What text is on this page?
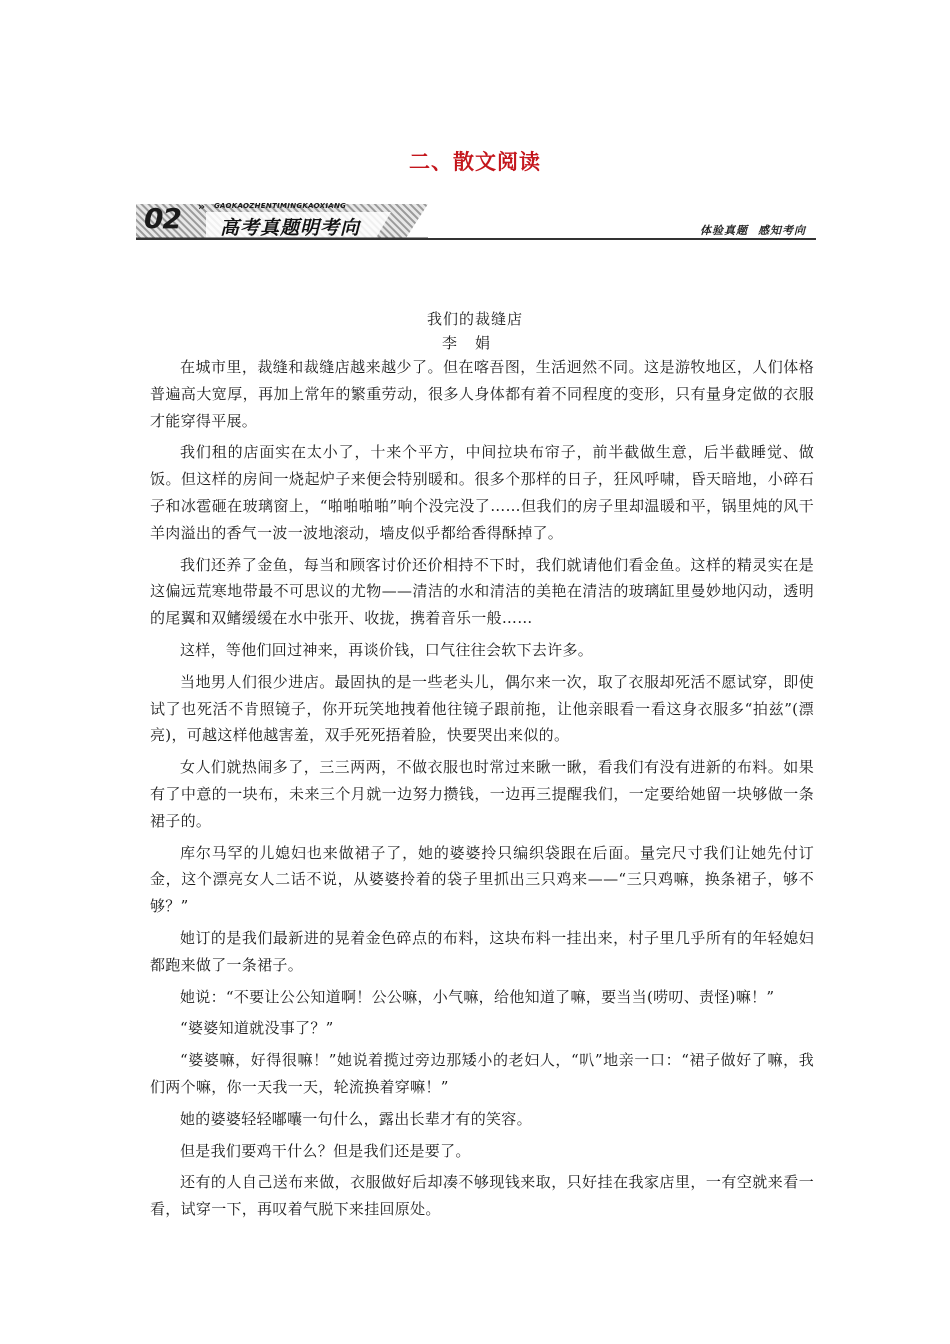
二、散文阅读
02 » GAOKAOZHENTIMINGKAOXIANG
高考真题明考向	体验真题 感知考向
我们的裁缝店
李娟

在城市里，裁缝和裁缝店越来越少了。但在喀吾图，生活迥然不同。这是游牧地区，人们体格普遍高大宽厚，再加上常年的繁重劳动，很多人身体都有着不同程度的变形，只有量身定做的衣服才能穿得平展。

我们租的店面实在太小了，十来个平方，中间拉块布帘子，前半截做生意，后半截睡觉、做饭。但这样的房间一烧起炉子来便会特别暖和。很多个那样的日子，狂风呼啸，昏天暗地，小碎石子和冰雹砸在玻璃窗上，“啪啪啪啪”响个没完没了……但我们的房子里却温暖和平，锅里炖的风干羊肉溢出的香气一波一波地滚动，墙皮似乎都给香得酥掉了。

我们还养了金鱼，每当和顾客讨价还价相持不下时，我们就请他们看金鱼。这样的精灵实在是这偏远荒寒地带最不可思议的尤物——清洁的水和清洁的美艳在清洁的玻璃缸里曼妙地闪动，透明的尾翼和双鳍缓缓在水中张开、收拢，携着音乐一般……

这样，等他们回过神来，再谈价钱，口气往往会软下去许多。

当地男人们很少进店。最固执的是一些老头儿，偶尔来一次，取了衣服却死活不愿试穿，即使试了也死活不肯照镜子，你开玩笑地拽着他往镜子跟前拖，让他亲眼看一看这身衣服多“拍兹”(漂亮)，可越这样他越害羞，双手死死捂着脸，快要哭出来似的。

女人们就热闹多了，三三两两，不做衣服也时常过来瞅一瞅，看我们有没有进新的布料。如果有了中意的一块布，未来三个月就一边努力攒钱，一边再三提醒我们，一定要给她留一块够做一条裙子的。

库尔马罕的儿媳妇也来做裙子了，她的婆婆拎只编织袋跟在后面。量完尺寸我们让她先付订金，这个漂亮女人二话不说，从婆婆拎着的袋子里抓出三只鸡来——“三只鸡嘛，换条裙子，够不够？”

她订的是我们最新进的晃着金色碎点的布料，这块布料一挂出来，村子里几乎所有的年轻媳妇都跑来做了一条裙子。

她说：“不要让公公知道啊！公公嘛，小气嘛，给他知道了嘛，要当当(唠叨、责怪)嘛！”

“婆婆知道就没事了？”

“婆婆嘛，好得很嘛！”她说着揽过旁边那矮小的老妇人，“叭”地亲一口：“裙子做好了嘛，我们两个嘛，你一天我一天，轮流换着穿嘛！”

她的婆婆轻轻嘟囔一句什么，露出长辈才有的笑容。

但是我们要鸡干什么？但是我们还是要了。

还有的人自己送布来做，衣服做好后却凑不够现钱来取，只好挂在我家店里，一有空就来看一看，试穿一下，再叹着气脱下来挂回原处。
